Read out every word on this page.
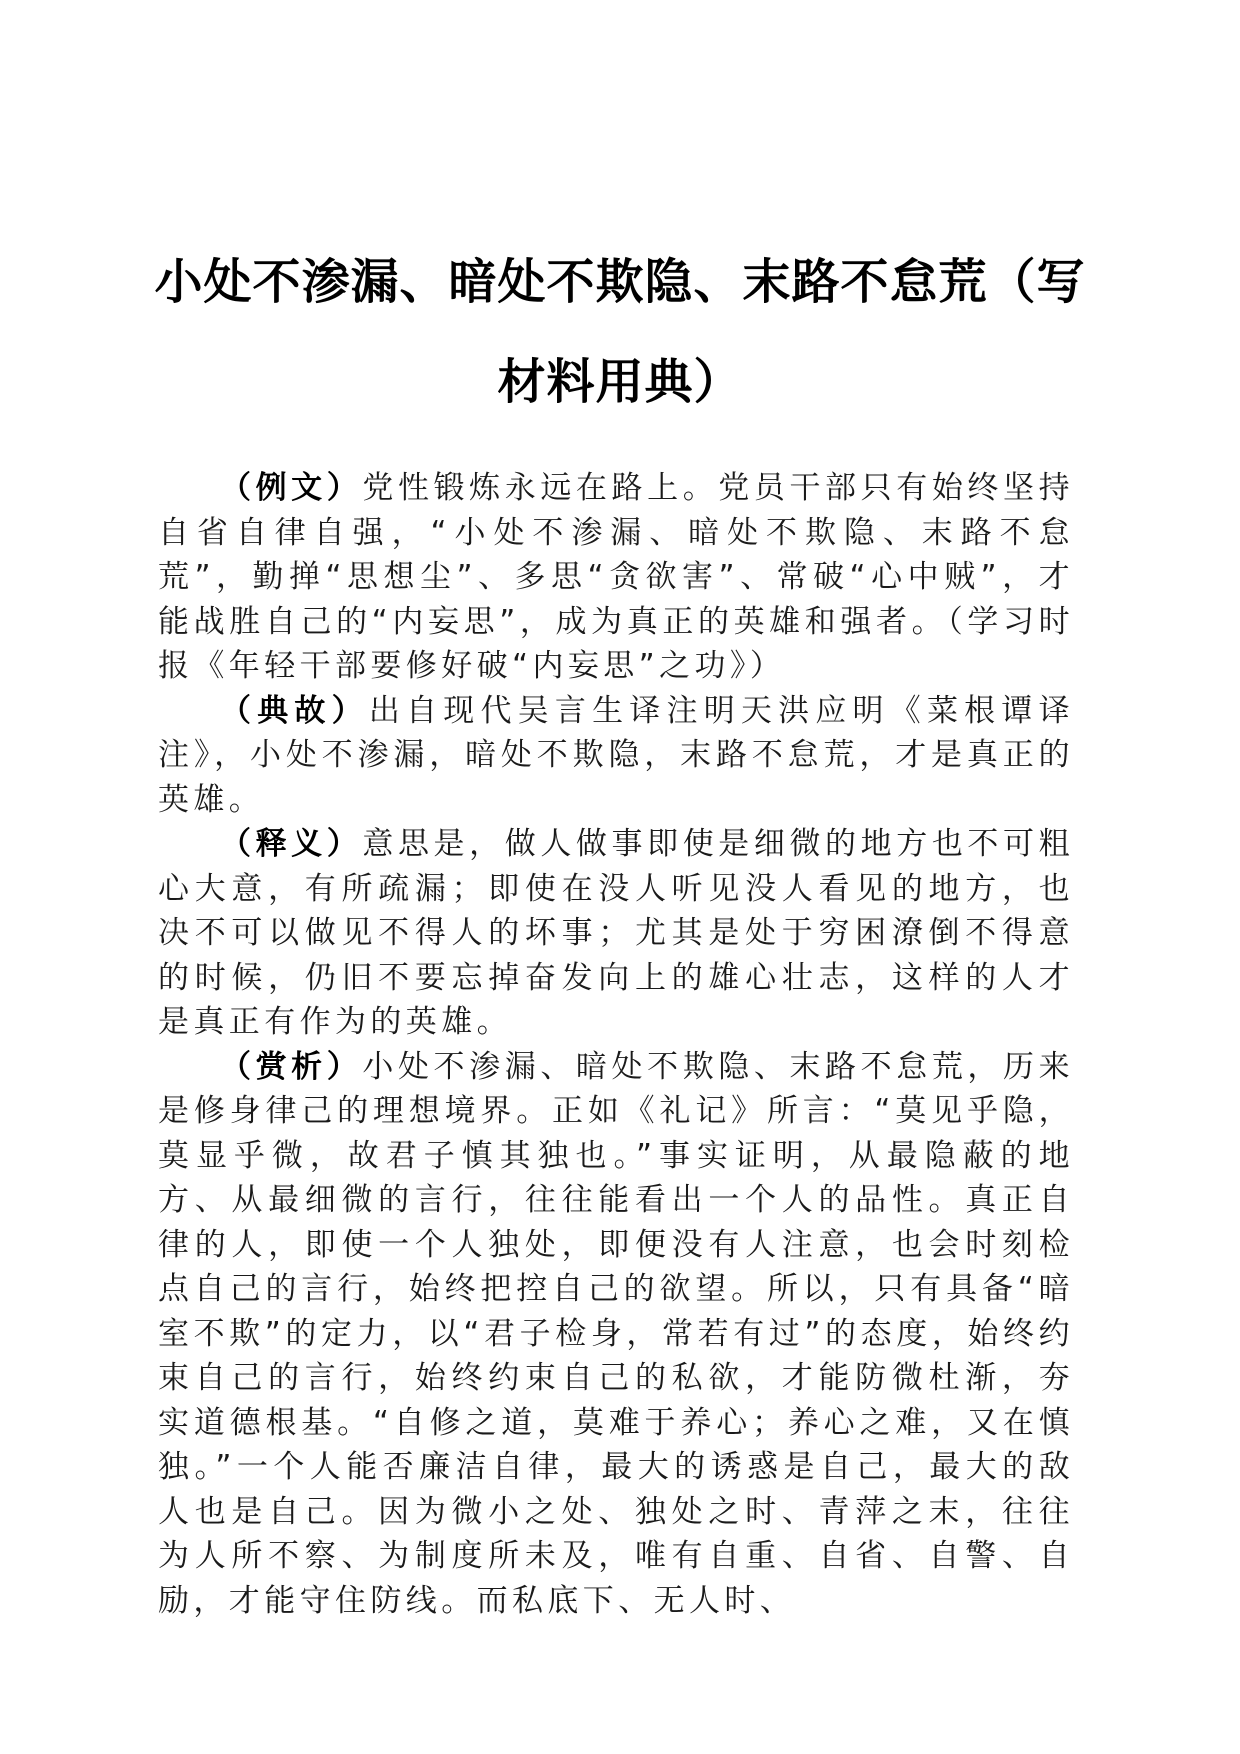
小处不渗漏、暗处不欺隐、末路不怠荒（写材料用典）

（例文）党性锻炼永远在路上。党员干部只有始终坚持自省自律自强，“小处不渗漏、暗处不欺隐、末路不怠荒”，勤掸“思想尘”、多思“贪欲害”、常破“心中贼”，才能战胜自己的“内妄思”，成为真正的英雄和强者。（学习时报《年轻干部要修好破“内妄思”之功》）

（典故）出自现代吴言生译注明天洪应明《菜根谭译注》，小处不渗漏，暗处不欺隐，末路不怠荒，才是真正的英雄。

（释义）意思是，做人做事即使是细微的地方也不可粗心大意，有所疏漏；即使在没人听见没人看见的地方，也决不可以做见不得人的坏事；尤其是处于穷困潦倒不得意的时候，仍旧不要忘掉奋发向上的雄心壮志，这样的人才是真正有作为的英雄。

（赏析）小处不渗漏、暗处不欺隐、末路不怠荒，历来是修身律己的理想境界。正如《礼记》所言：“莫见乎隐，莫显乎微，故君子慎其独也。”事实证明，从最隐蔽的地方、从最细微的言行，往往能看出一个人的品性。真正自律的人，即使一个人独处，即便没有人注意，也会时刻检点自己的言行，始终把控自己的欲望。所以，只有具备“暗室不欺”的定力，以“君子检身，常若有过”的态度，始终约束自己的言行，始终约束自己的私欲，才能防微杜渐，夯实道德根基。“自修之道，莫难于养心；养心之难，又在慎独。”一个人能否廉洁自律，最大的诱惑是自己，最大的敌人也是自己。因为微小之处、独处之时、青萍之末，往往为人所不察、为制度所未及，唯有自重、自省、自警、自励，才能守住防线。而私底下、无人时、
